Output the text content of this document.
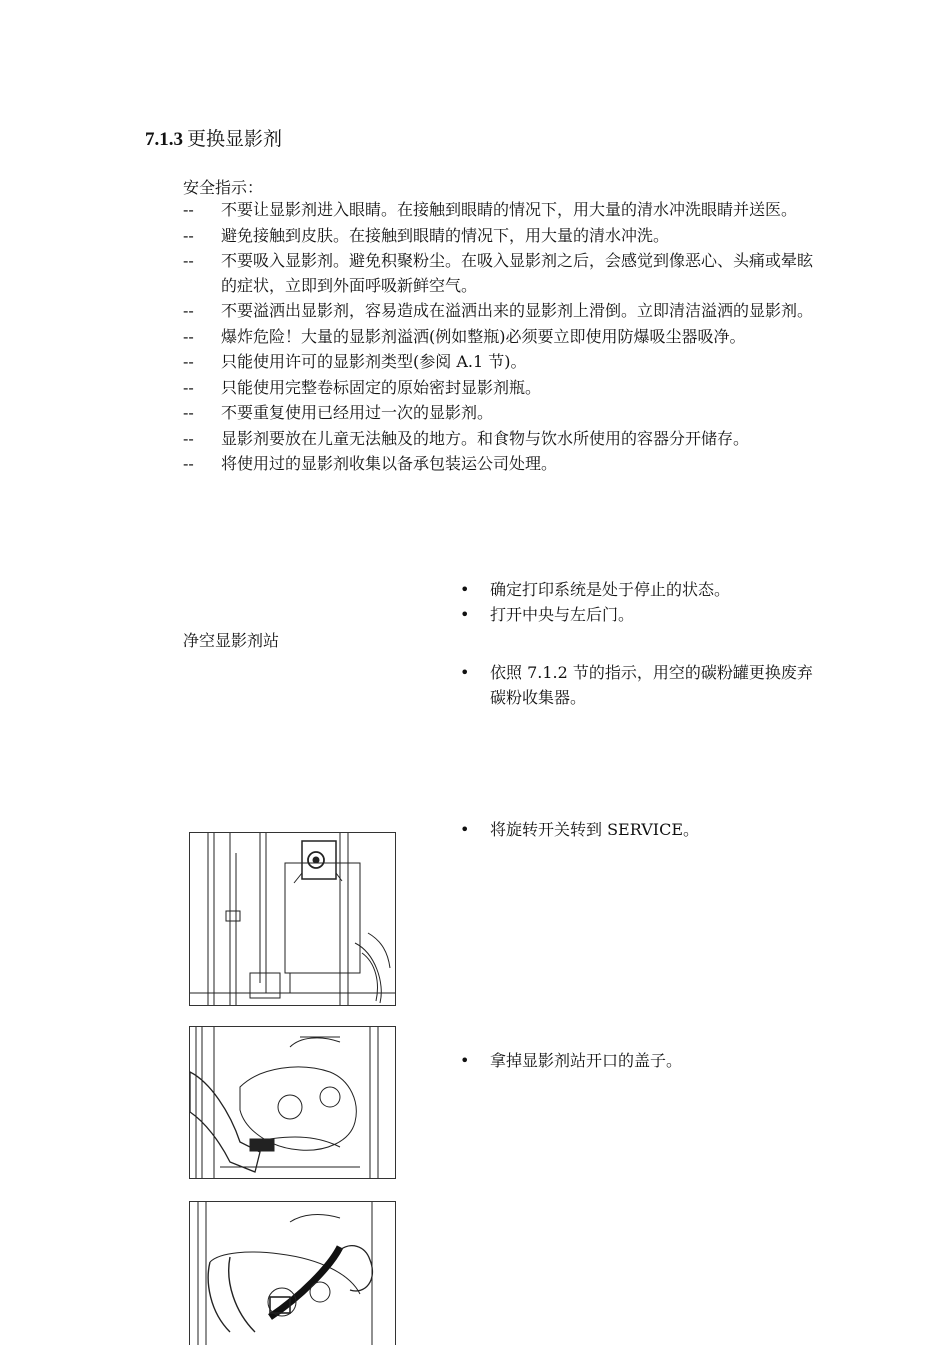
7.1.3 更换显影剂
安全指示：
--	不要让显影剂进入眼睛。在接触到眼睛的情况下，用大量的清水冲洗眼睛并送医。
--	避免接触到皮肤。在接触到眼睛的情况下，用大量的清水冲洗。
--	不要吸入显影剂。避免积聚粉尘。在吸入显影剂之后，会感觉到像恶心、头痛或晕眩的症状，立即到外面呼吸新鲜空气。
--	不要溢洒出显影剂，容易造成在溢洒出来的显影剂上滑倒。立即清洁溢洒的显影剂。
--	爆炸危险！大量的显影剂溢洒(例如整瓶)必须要立即使用防爆吸尘器吸净。
--	只能使用许可的显影剂类型(参阅 A.1 节)。
--	只能使用完整卷标固定的原始密封显影剂瓶。
--	不要重复使用已经用过一次的显影剂。
--	显影剂要放在儿童无法触及的地方。和食物与饮水所使用的容器分开储存。
--	将使用过的显影剂收集以备承包装运公司处理。
•	确定打印系统是处于停止的状态。
•	打开中央与左后门。
净空显影剂站
•	依照 7.1.2 节的指示，用空的碳粉罐更换废弃碳粉收集器。
•	将旋转开关转到 SERVICE。
•	拿掉显影剂站开口的盖子。
